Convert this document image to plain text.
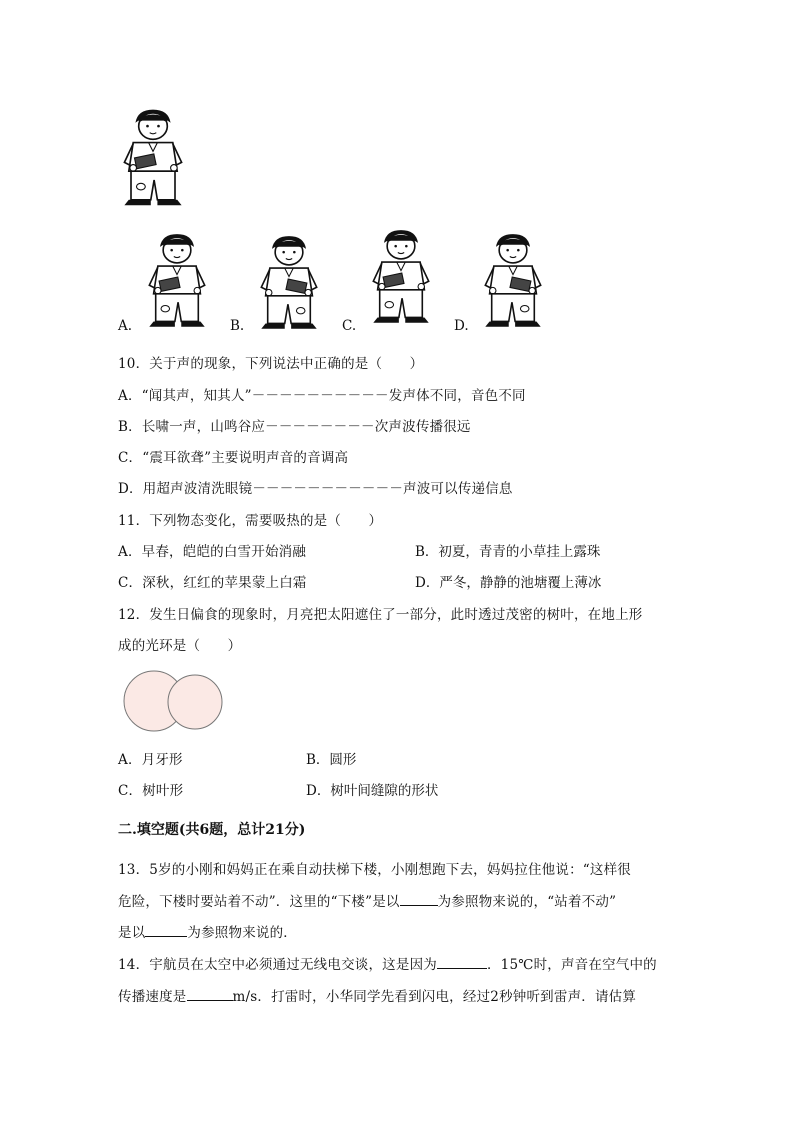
A.	B.	C.	D.
10．关于声的现象，下列说法中正确的是（　　）
A．“闻其声，知其人”－－－－－－－－－－发声体不同，音色不同
B．长啸一声，山鸣谷应－－－－－－－－次声波传播很远
C．“震耳欲聋”主要说明声音的音调高
D．用超声波清洗眼镜－－－－－－－－－－－声波可以传递信息
11．下列物态变化，需要吸热的是（　　）
A．早春，皑皑的白雪开始消融	B．初夏，青青的小草挂上露珠
C．深秋，红红的苹果蒙上白霜	D．严冬，静静的池塘覆上薄冰
12．发生日偏食的现象时，月亮把太阳遮住了一部分，此时透过茂密的树叶，在地上形
成的光环是（　　）
A．月牙形	B．圆形
C．树叶形	D．树叶间缝隙的形状
二.填空题(共6题，总计21分)
13．5岁的小刚和妈妈正在乘自动扶梯下楼，小刚想跑下去，妈妈拉住他说：“这样很
危险，下楼时要站着不动”．这里的“下楼”是以	为参照物来说的，“站着不动”
是以	为参照物来说的．
14．宇航员在太空中必须通过无线电交谈，这是因为	．15℃时，声音在空气中的
传播速度是	m/s．打雷时，小华同学先看到闪电，经过2秒钟听到雷声．请估算
